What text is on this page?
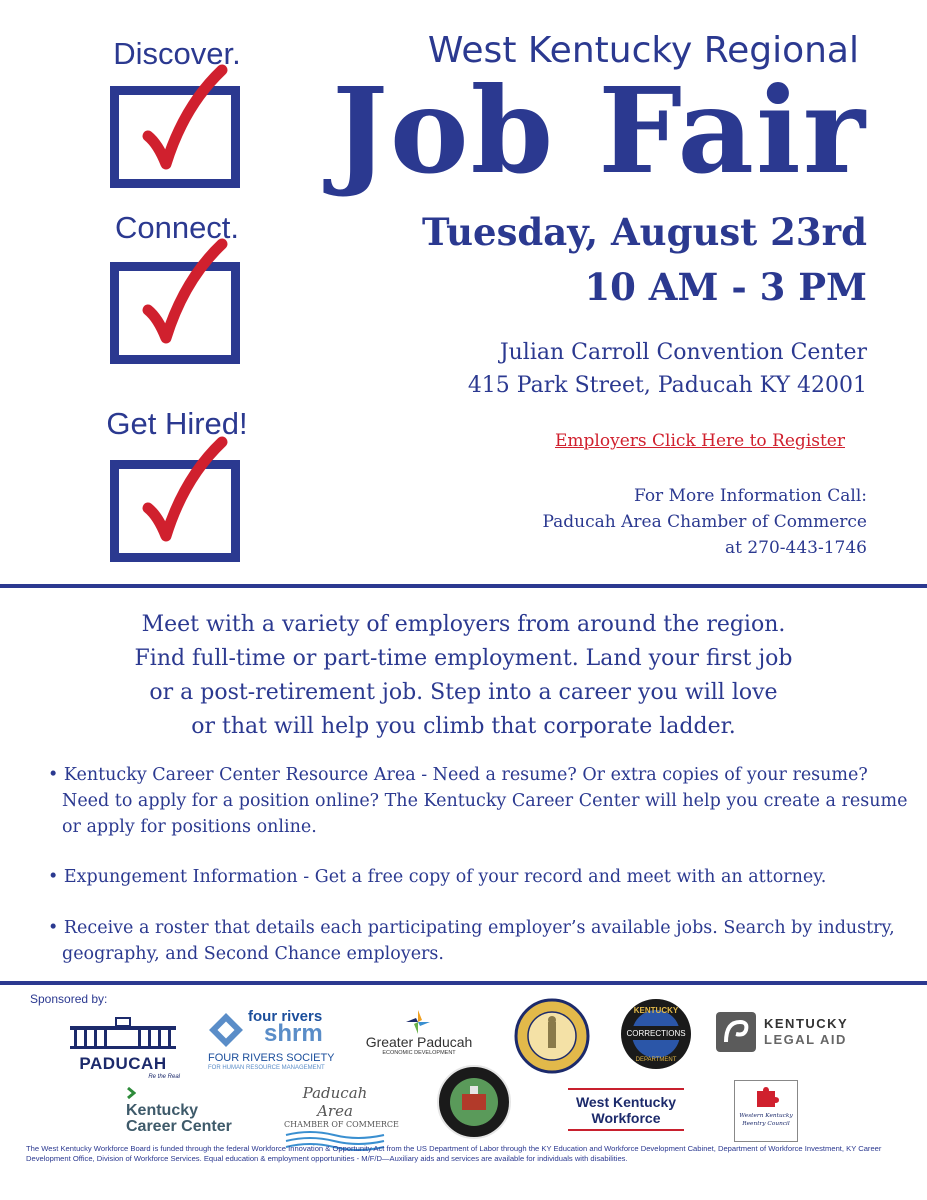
Discover.
Connect.
Get Hired!
West Kentucky Regional
Job Fair
Tuesday, August 23rd
10 AM - 3 PM
Julian Carroll Convention Center
415 Park Street, Paducah KY 42001
Employers Click Here to Register
For More Information Call:
Paducah Area Chamber of Commerce
at 270-443-1746
Meet with a variety of employers from around the region.
Find full-time or part-time employment. Land your first job
or a post-retirement job. Step into a career you will love
or that will help you climb that corporate ladder.
• Kentucky Career Center Resource Area - Need a resume? Or extra copies of your resume? Need to apply for a position online? The Kentucky Career Center will help you create a resume or apply for positions online.
• Expungement Information - Get a free copy of your record and meet with an attorney.
• Receive a roster that details each participating employer’s available jobs. Search by industry, geography, and Second Chance employers.
Sponsored by:
PADUCAH
Re the Real
four rivers
shrm
FOUR RIVERS SOCIETY
FOR HUMAN RESOURCE MANAGEMENT
Greater Paducah
ECONOMIC DEVELOPMENT
CORRECTIONS
KENTUCKY
DEPARTMENT
KENTUCKY
LEGAL AID
Kentucky
Career Center
Paducah Area
CHAMBER OF COMMERCE
West Kentucky
Workforce	Western Kentucky
Reentry Council
The West Kentucky Workforce Board is funded through the federal Workforce Innovation & Opportunity Act from the US Department of Labor through the KY Education and Workforce Development Cabinet, Department of Workforce Investment, KY Career Development Office, Division of Workforce Services. Equal education & employment opportunities - M/F/D—Auxiliary aids and services are available for individuals with disabilities.
